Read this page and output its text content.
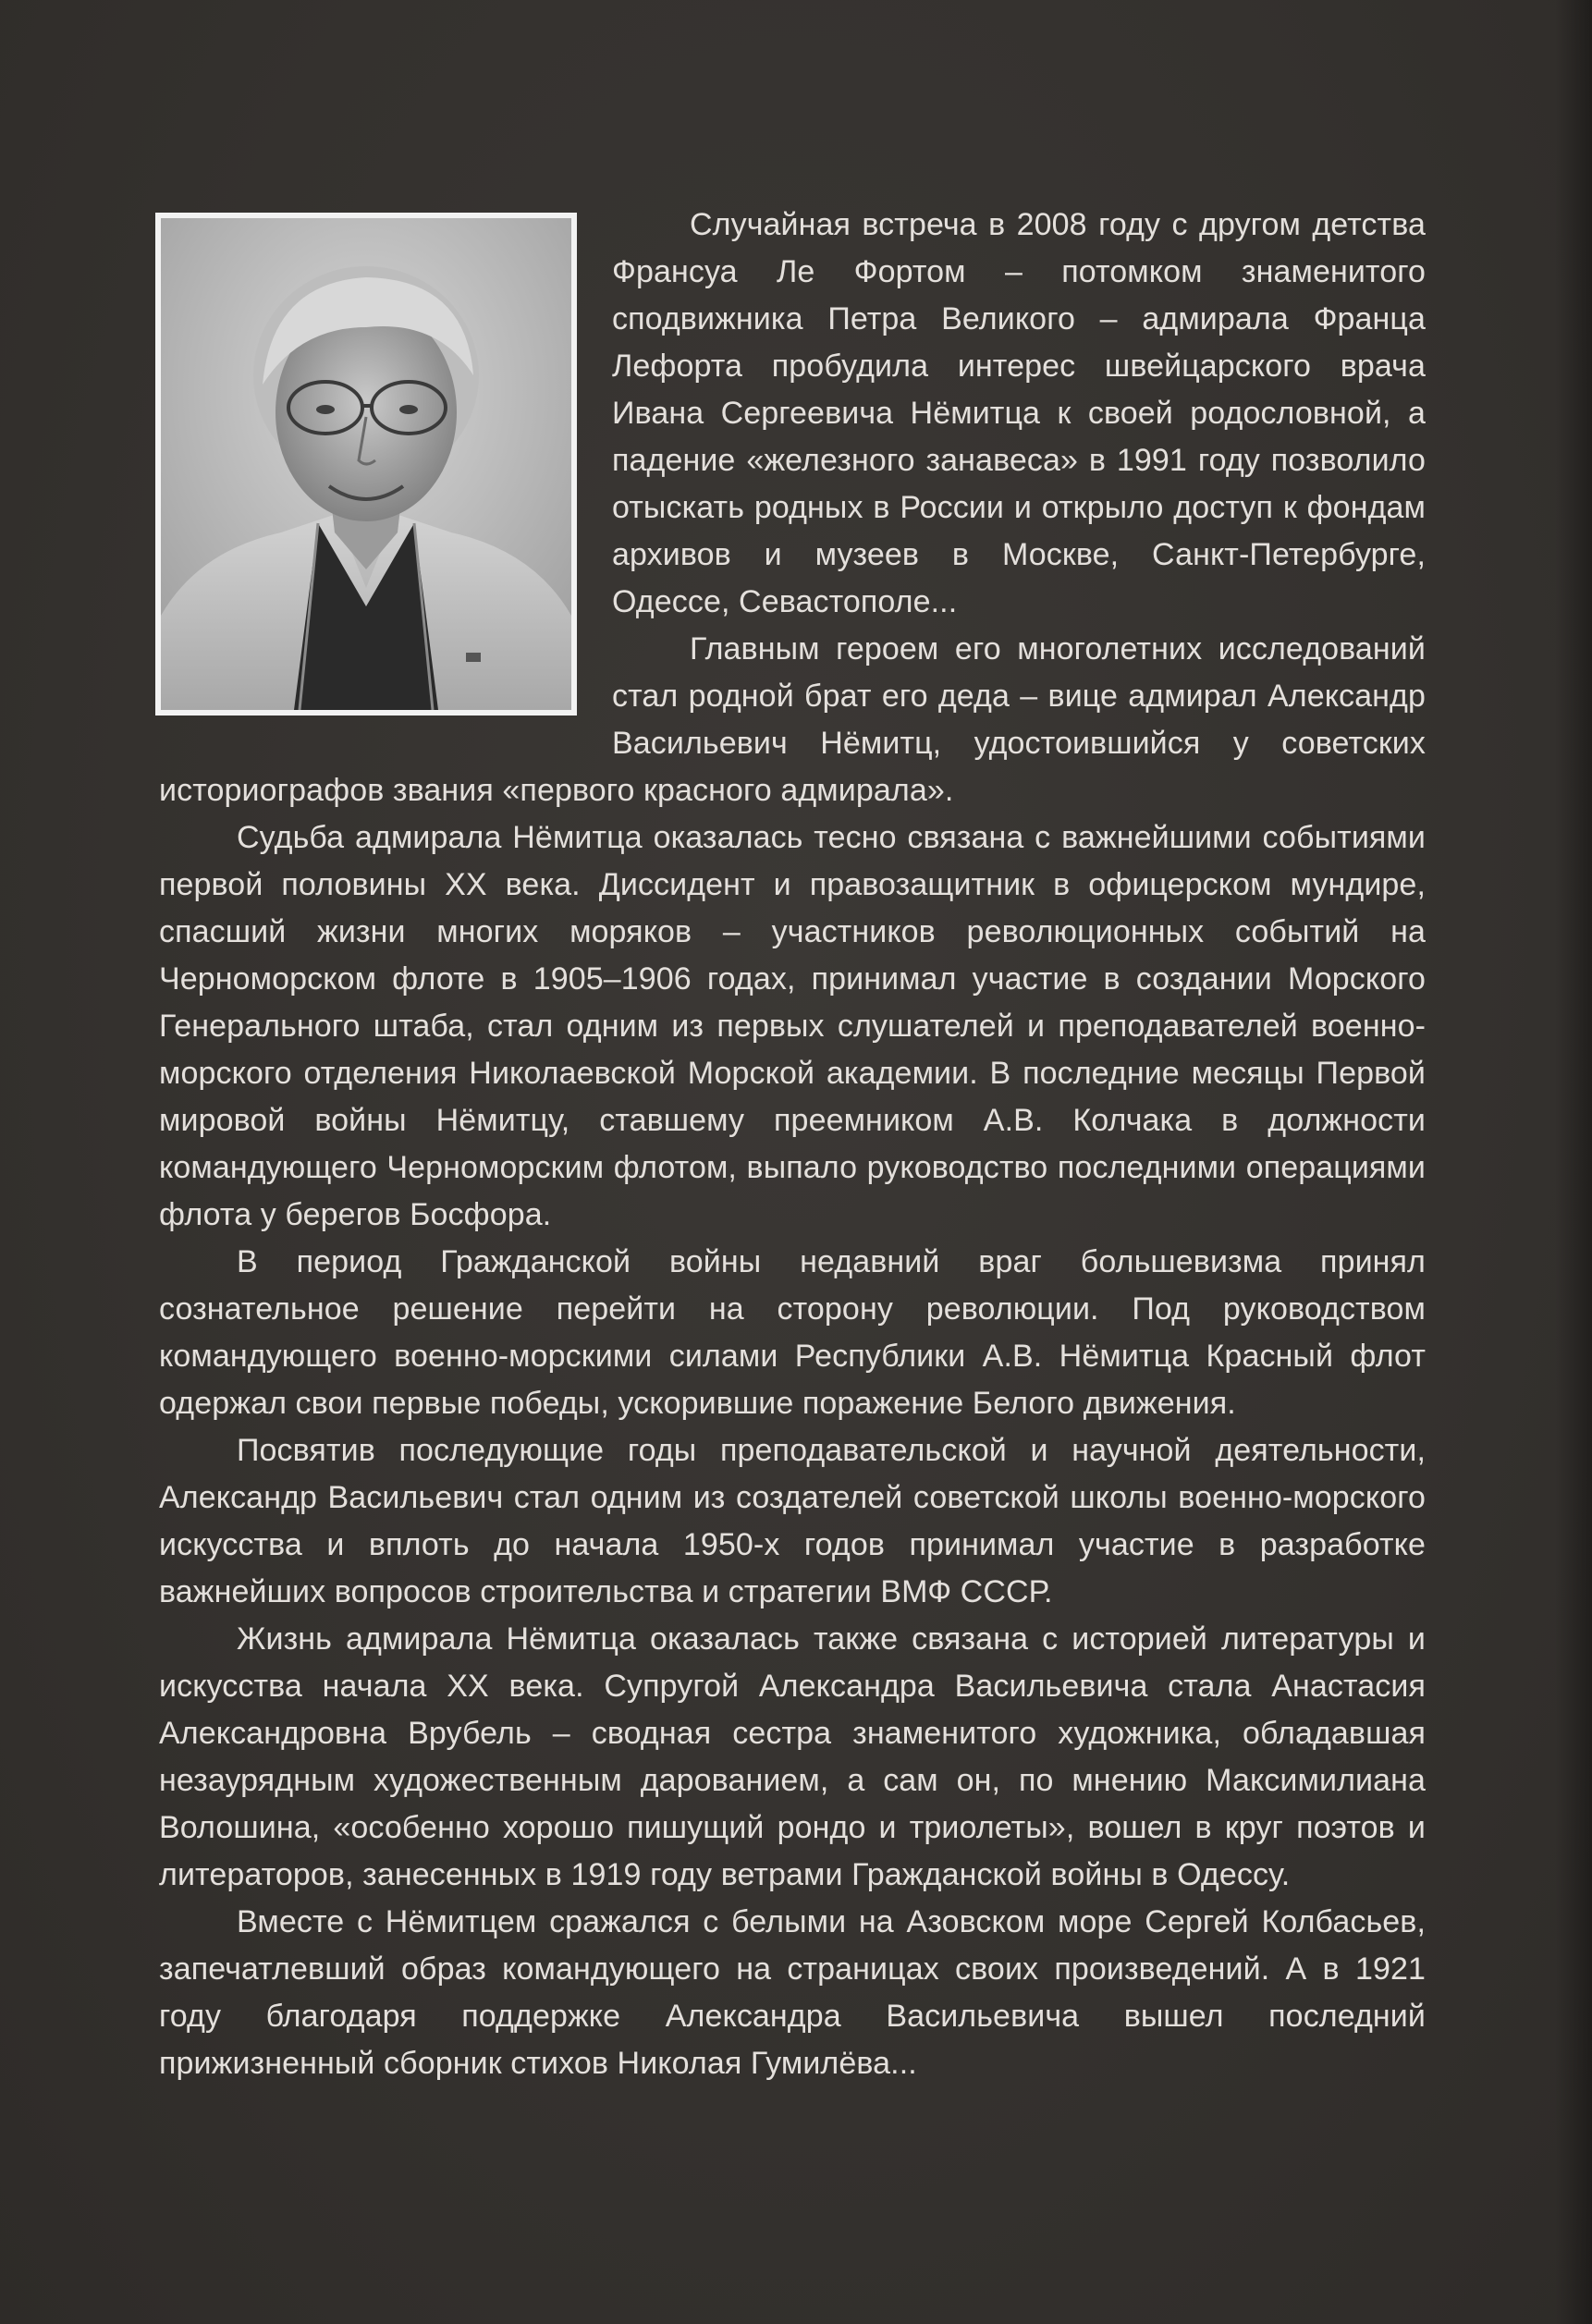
Случайная встреча в 2008 году с другом детства Франсуа Ле Фортом – потомком знаменитого сподвижника Петра Великого – адмирала Франца Лефорта пробудила интерес швейцарского врача Ивана Сергеевича Нёмитца к своей родословной, а падение «железного занавеса» в 1991 году позволило отыскать родных в России и открыло доступ к фондам архивов и музеев в Москве, Санкт-Петербурге, Одессе, Севастополе...

Главным героем его многолетних исследований стал родной брат его деда – вице адмирал Александр Васильевич Нёмитц, удостоившийся у советских историографов звания «первого красного адмирала».

Судьба адмирала Нёмитца оказалась тесно связана с важнейшими событиями первой половины XX века. Диссидент и правозащитник в офицерском мундире, спасший жизни многих моряков – участников революционных событий на Черноморском флоте в 1905–1906 годах, принимал участие в создании Морского Генерального штаба, стал одним из первых слушателей и преподавателей военно-морского отделения Николаевской Морской академии. В последние месяцы Первой мировой войны Нёмитцу, ставшему преемником А.В. Колчака в должности командующего Черноморским флотом, выпало руководство последними операциями флота у берегов Босфора.

В период Гражданской войны недавний враг большевизма принял сознательное решение перейти на сторону революции. Под руководством командующего военно-морскими силами Республики А.В. Нёмитца Красный флот одержал свои первые победы, ускорившие поражение Белого движения.

Посвятив последующие годы преподавательской и научной деятельности, Александр Васильевич стал одним из создателей советской школы военно-морского искусства и вплоть до начала 1950-х годов принимал участие в разработке важнейших вопросов строительства и стратегии ВМФ СССР.

Жизнь адмирала Нёмитца оказалась также связана с историей литературы и искусства начала XX века. Супругой Александра Васильевича стала Анастасия Александровна Врубель – сводная сестра знаменитого художника, обладавшая незаурядным художественным дарованием, а сам он, по мнению Максимилиана Волошина, «особенно хорошо пишущий рондо и триолеты», вошел в круг поэтов и литераторов, занесенных в 1919 году ветрами Гражданской войны в Одессу.

Вместе с Нёмитцем сражался с белыми на Азовском море Сергей Колбасьев, запечатлевший образ командующего на страницах своих произведений. А в 1921 году благодаря поддержке Александра Васильевича вышел последний прижизненный сборник стихов Николая Гумилёва...
